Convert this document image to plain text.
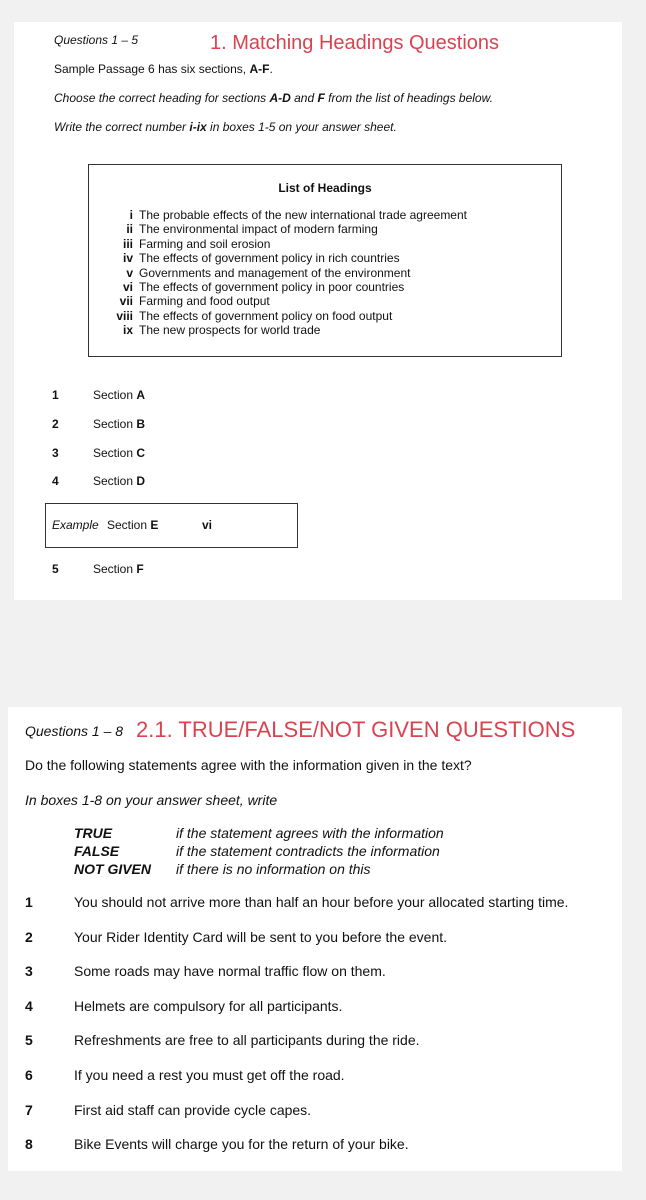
Questions 1 – 5	1. Matching Headings Questions
Sample Passage 6 has six sections, A-F.
Choose the correct heading for sections A-D and F from the list of headings below.
Write the correct number i-ix in boxes 1-5 on your answer sheet.
List of Headings
i The probable effects of the new international trade agreement
ii The environmental impact of modern farming
iii Farming and soil erosion
iv The effects of government policy in rich countries
v Governments and management of the environment
vi The effects of government policy in poor countries
vii Farming and food output
viii The effects of government policy on food output
ix The new prospects for world trade
1	Section A
2	Section B
3	Section C
4	Section D
Example Section E	vi
5	Section F
Questions 1 – 8 2.1. TRUE/FALSE/NOT GIVEN QUESTIONS
Do the following statements agree with the information given in the text?
In boxes 1-8 on your answer sheet, write
TRUE	if the statement agrees with the information
FALSE	if the statement contradicts the information
NOT GIVEN if there is no information on this
1	You should not arrive more than half an hour before your allocated starting time.
2	Your Rider Identity Card will be sent to you before the event.
3	Some roads may have normal traffic flow on them.
4	Helmets are compulsory for all participants.
5	Refreshments are free to all participants during the ride.
6	If you need a rest you must get off the road.
7	First aid staff can provide cycle capes.
8	Bike Events will charge you for the return of your bike.
